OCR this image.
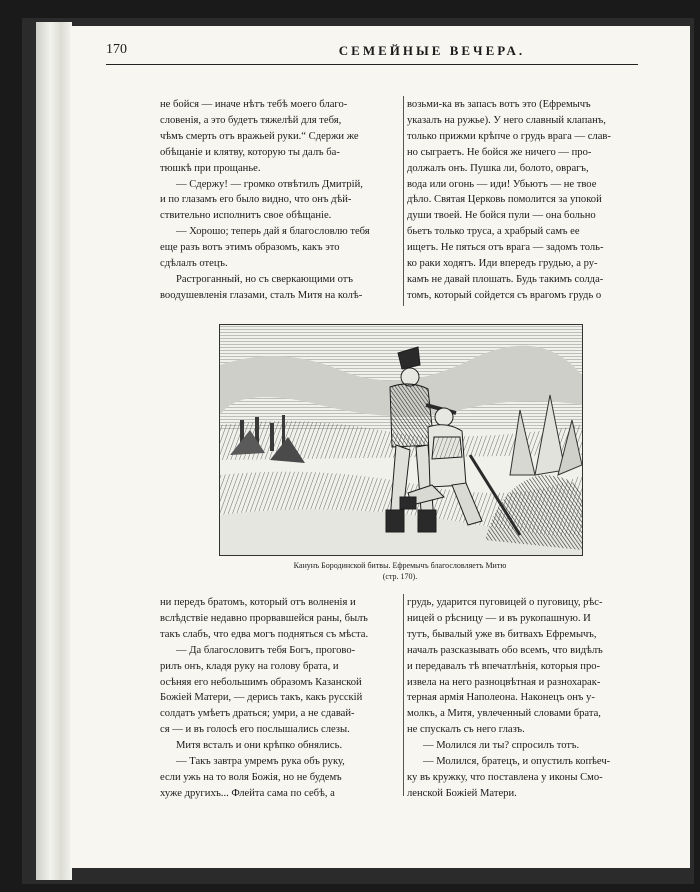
170	СЕМЕЙНЫЕ ВЕЧЕРА.
не бойся — иначе нѣтъ тебѣ моего благо-
словенія, а это будетъ тяжелѣй для тебя,
чѣмъ смерть отъ вражьей руки.“ Сдержи же
обѣщаніе и клятву, которую ты далъ ба-
тюшкѣ при прощанье.
— Сдержу! — громко отвѣтилъ Дмитрій,
и по глазамъ его было видно, что онъ дѣй-
ствительно исполнитъ свое обѣщаніе.
— Хорошо; теперь дай я благословлю тебя
еще разъ вотъ этимъ образомъ, какъ это
сдѣлалъ отецъ.
Растроганный, но съ сверкающими отъ
воодушевленія глазами, сталъ Митя на колѣ-
возьми-ка въ запасъ вотъ это (Ефремычъ
указалъ на ружье). У него славный клапанъ,
только прижми крѣпче о грудь врага — слав-
но сыграетъ. Не бойся же ничего — про-
должалъ онъ. Пушка ли, болото, оврагъ,
вода или огонь — иди! Убьютъ — не твое
дѣло. Святая Церковь помолится за упокой
души твоей. Не бойся пули — она больно
бьетъ только труса, а храбрый самъ ее
ищетъ. Не пяться отъ врага — задомъ толь-
ко раки ходятъ. Иди впередъ грудью, а ру-
камъ не давай плошать. Будь такимъ солда-
томъ, который сойдется съ врагомъ грудь о
Канунъ Бородинской битвы. Ефремычъ благословляетъ Митю
(стр. 170).
ни передъ братомъ, который отъ волненія и
вслѣдствіе недавно прорвавшейся раны, былъ
такъ слабъ, что едва могъ подняться съ мѣста.
— Да благословитъ тебя Богъ, прогово-
рилъ онъ, кладя руку на голову брата, и
осѣняя его небольшимъ образомъ Казанской
Божіей Матери, — дерись такъ, какъ русскій
солдатъ умѣетъ драться; умри, а не сдавай-
ся — и въ голосѣ его послышались слезы.
Митя всталъ и они крѣпко обнялись.
— Такъ завтра умремъ рука объ руку,
если ужь на то воля Божія, но не будемъ
хуже другихъ... Флейта сама по себѣ, а
грудь, ударится пуговицей о пуговицу, рѣс-
ницей о рѣсницу — и въ рукопашную. И
тутъ, бывалый уже въ битвахъ Ефремычъ,
началъ разсказывать обо всемъ, что видѣлъ
и передавалъ тѣ впечатлѣнія, которыя про-
извела на него разноцвѣтная и разнохарак-
терная армія Наполеона. Наконецъ онъ у-
молкъ, а Митя, увлеченный словами брата,
не спускалъ съ него глазъ.
— Молился ли ты? спросилъ тотъ.
— Молился, братецъ, и опустилъ копѣеч-
ку въ кружку, что поставлена у иконы Смо-
ленской Божіей Матери.
